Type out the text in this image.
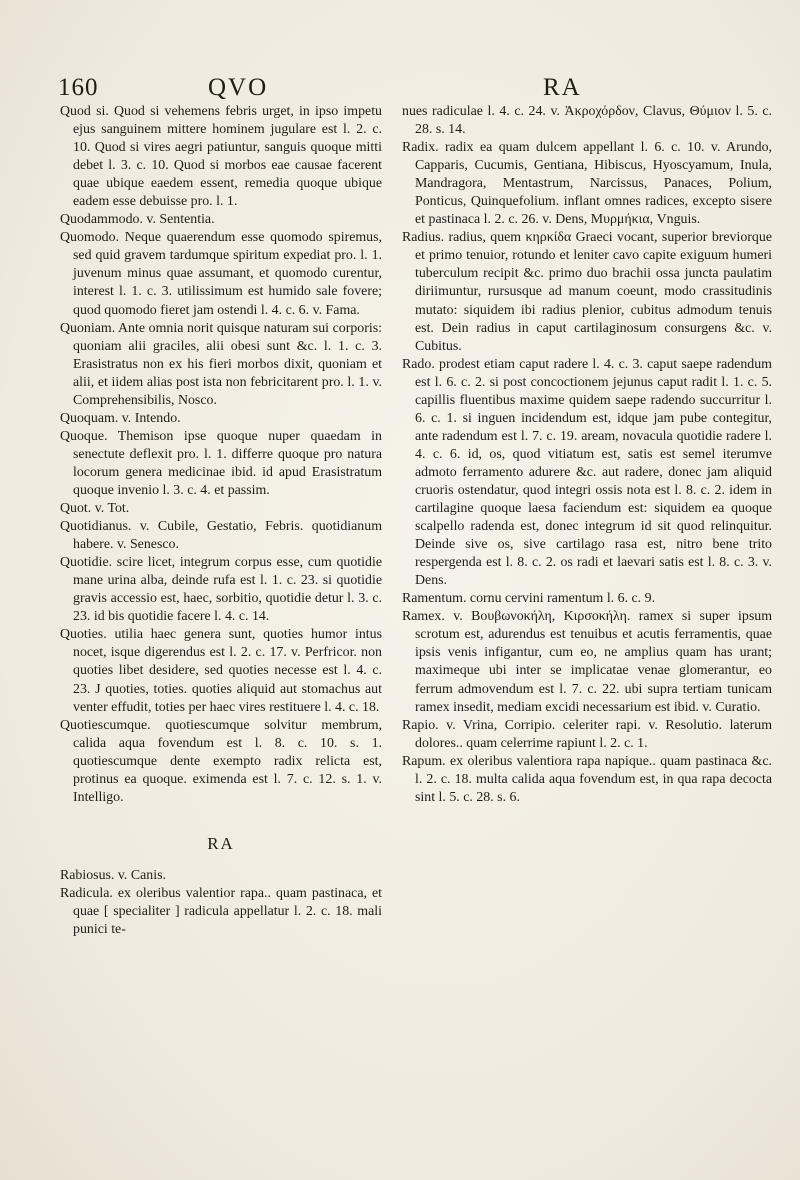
160	QVO	RA

Quod si. Quod si vehemens febris urget, in ipso impetu ejus sanguinem mittere hominem jugulare est l. 2. c. 10. Quod si vires aegri patiuntur, sanguis quoque mitti debet l. 3. c. 10. Quod si morbos eae causae facerent quae ubique eaedem essent, remedia quoque ubique eadem esse debuisse pro. l. 1.

Quodammodo. v. Sententia.

Quomodo. Neque quaerendum esse quomodo spiremus, sed quid gravem tardumque spiritum expediat pro. l. 1. juvenum minus quae assumant, et quomodo curentur, interest l. 1. c. 3. utilissimum est humido sale fovere; quod quomodo fieret jam ostendi l. 4. c. 6. v. Fama.

Quoniam. Ante omnia norit quisque naturam sui corporis: quoniam alii graciles, alii obesi sunt &c. l. 1. c. 3. Erasistratus non ex his fieri morbos dixit, quoniam et alii, et iidem alias post ista non febricitarent pro. l. 1. v. Comprehensibilis, Nosco.

Quoquam. v. Intendo.

Quoque. Themison ipse quoque nuper quaedam in senectute deflexit pro. l. 1. differre quoque pro natura locorum genera medicinae ibid. id apud Erasistratum quoque invenio l. 3. c. 4. et passim.

Quot. v. Tot.

Quotidianus. v. Cubile, Gestatio, Febris. quotidianum habere. v. Senesco.

Quotidie. scire licet, integrum corpus esse, cum quotidie mane urina alba, deinde rufa est l. 1. c. 23. si quotidie gravis accessio est, haec, sorbitio, quotidie detur l. 3. c. 23. id bis quotidie facere l. 4. c. 14.

Quoties. utilia haec genera sunt, quoties humor intus nocet, isque digerendus est l. 2. c. 17. v. Perfricor. non quoties libet desidere, sed quoties necesse est l. 4. c. 23. J quoties, toties. quoties aliquid aut stomachus aut venter effudit, toties per haec vires restituere l. 4. c. 18.

Quotiescumque. quotiescumque solvitur membrum, calida aqua fovendum est l. 8. c. 10. s. 1. quotiescumque dente exempto radix relicta est, protinus ea quoque. eximenda est l. 7. c. 12. s. 1. v. Intelligo.

RA

Rabiosus. v. Canis.

Radicula. ex oleribus valentior rapa.. quam pastinaca, et quae [ specialiter ] radicula appellatur l. 2. c. 18. mali punici te-

nues radiculae l. 4. c. 24. v. Ἀκροχόρδον, Clavus, Θύμιον l. 5. c. 28. s. 14.

Radix. radix ea quam dulcem appellant l. 6. c. 10. v. Arundo, Capparis, Cucumis, Gentiana, Hibiscus, Hyoscyamum, Inula, Mandragora, Mentastrum, Narcissus, Panaces, Polium, Ponticus, Quinquefolium. inflant omnes radices, excepto sisere et pastinaca l. 2. c. 26. v. Dens, Μυρμήκια, Vnguis.

Radius. radius, quem κηρκίδα Graeci vocant, superior breviorque et primo tenuior, rotundo et leniter cavo capite exiguum humeri tuberculum recipit &c. primo duo brachii ossa juncta paulatim diriimuntur, rursusque ad manum coeunt, modo crassitudinis mutato: siquidem ibi radius plenior, cubitus admodum tenuis est. Dein radius in caput cartilaginosum consurgens &c. v. Cubitus.

Rado. prodest etiam caput radere l. 4. c. 3. caput saepe radendum est l. 6. c. 2. si post concoctionem jejunus caput radit l. 1. c. 5. capillis fluentibus maxime quidem saepe radendo succurritur l. 6. c. 1. si inguen incidendum est, idque jam pube contegitur, ante radendum est l. 7. c. 19. aream, novacula quotidie radere l. 4. c. 6. id, os, quod vitiatum est, satis est semel iterumve admoto ferramento adurere &c. aut radere, donec jam aliquid cruoris ostendatur, quod integri ossis nota est l. 8. c. 2. idem in cartilagine quoque laesa faciendum est: siquidem ea quoque scalpello radenda est, donec integrum id sit quod relinquitur. Deinde sive os, sive cartilago rasa est, nitro bene trito respergenda est l. 8. c. 2. os radi et laevari satis est l. 8. c. 3. v. Dens.

Ramentum. cornu cervini ramentum l. 6. c. 9.

Ramex. v. Βουβωνοκήλη, Κιρσοκήλη. ramex si super ipsum scrotum est, adurendus est tenuibus et acutis ferramentis, quae ipsis venis infigantur, cum eo, ne amplius quam has urant; maximeque ubi inter se implicatae venae glomerantur, eo ferrum admovendum est l. 7. c. 22. ubi supra tertiam tunicam ramex insedit, mediam excidi necessarium est ibid. v. Curatio.

Rapio. v. Vrina, Corripio. celeriter rapi. v. Resolutio. laterum dolores.. quam celerrime rapiunt l. 2. c. 1.

Rapum. ex oleribus valentiora rapa napique.. quam pastinaca &c. l. 2. c. 18. multa calida aqua fovendum est, in qua rapa decocta sint l. 5. c. 28. s. 6.
